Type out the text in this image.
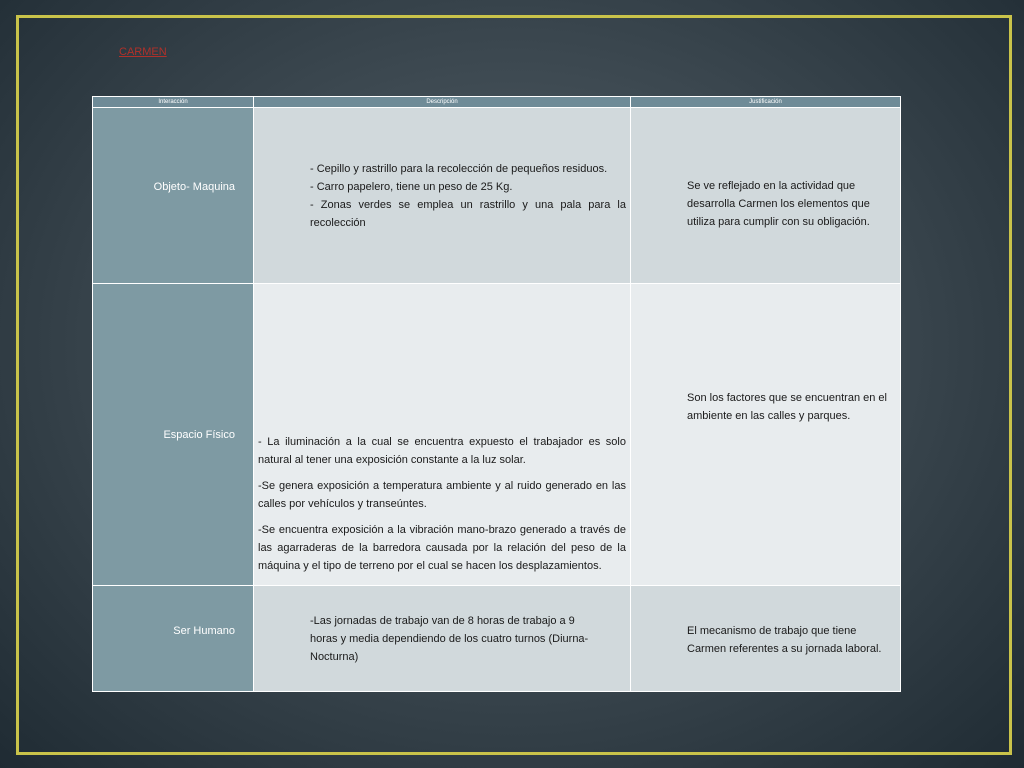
CARMEN
Interacción	Descripción	Justificación

Objeto- Maquina	- Cepillo y rastrillo para la recolección de pequeños residuos.
- Carro papelero, tiene un peso de 25 Kg.
- Zonas verdes se emplea un rastrillo y una pala para la recolección	Se ve reflejado en la actividad que desarrolla Carmen los elementos que utiliza para cumplir con su obligación.

Espacio Físico	- La iluminación a la cual se encuentra expuesto el trabajador es solo natural al tener una exposición constante a la luz solar.
-Se genera exposición a temperatura ambiente y al ruido generado en las calles por vehículos y transeúntes.
-Se encuentra exposición a la vibración mano-brazo generado a través de las agarraderas de la barredora causada por la relación del peso de la máquina y el tipo de terreno por el cual se hacen los desplazamientos.	Son los factores que se encuentran en el ambiente en las calles y parques.

Ser Humano	-Las jornadas de trabajo van de 8 horas de trabajo a 9 horas y media dependiendo de los cuatro turnos (Diurna-Nocturna)	El mecanismo de trabajo que tiene Carmen referentes a su jornada laboral.
